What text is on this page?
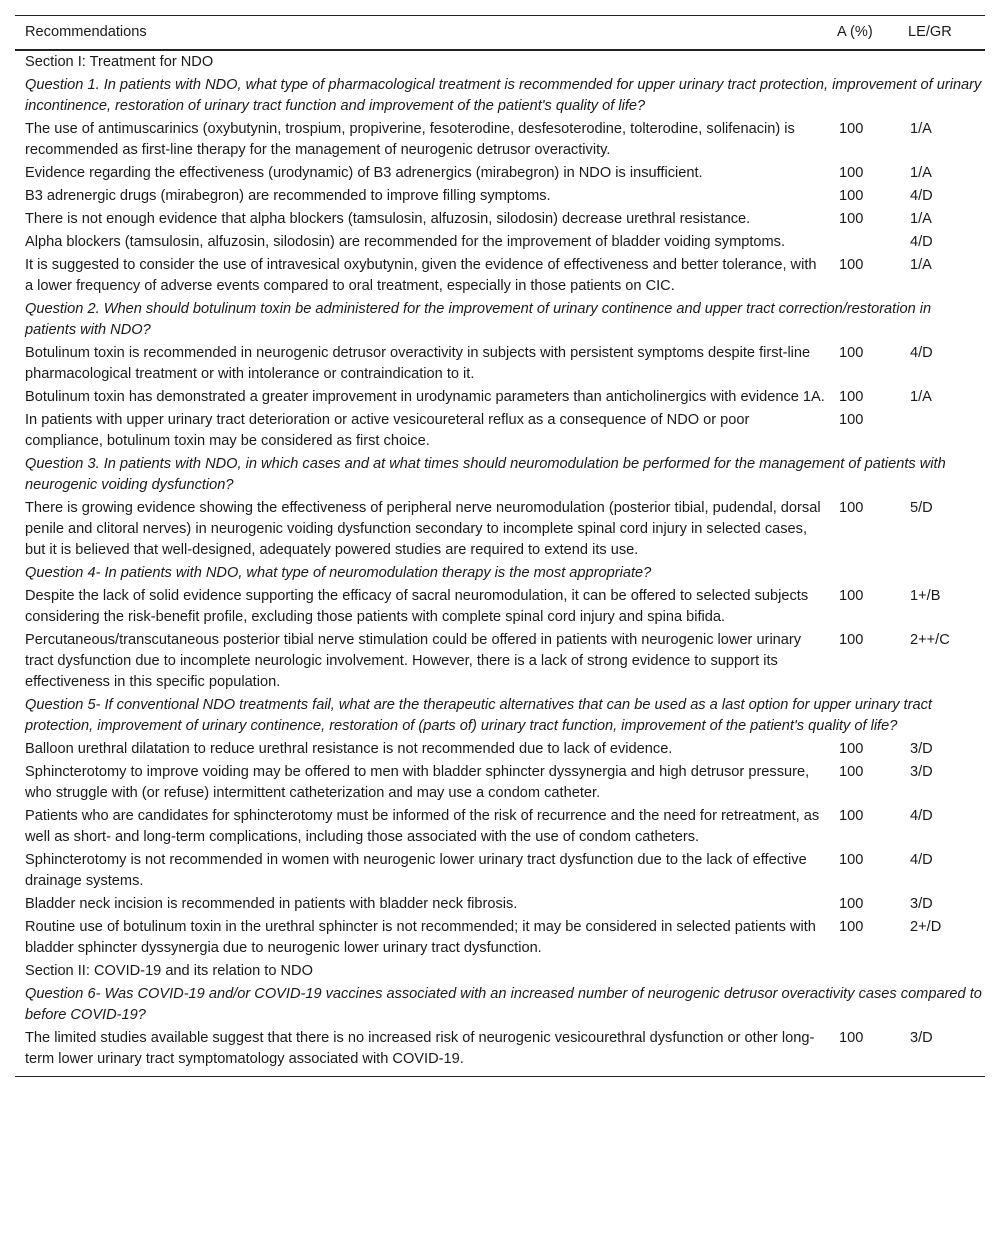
Recommendations	A (%)	LE/GR
Section I: Treatment for NDO		
Question 1. In patients with NDO, what type of pharmacological treatment is recommended for upper urinary tract protection, improvement of urinary incontinence, restoration of urinary tract function and improvement of the patient's quality of life?		
The use of antimuscarinics (oxybutynin, trospium, propiverine, fesoterodine, desfesoterodine, tolterodine, solifenacin) is recommended as first-line therapy for the management of neurogenic detrusor overactivity.	100	1/A
Evidence regarding the effectiveness (urodynamic) of B3 adrenergics (mirabegron) in NDO is insufficient.	100	1/A
B3 adrenergic drugs (mirabegron) are recommended to improve filling symptoms.	100	4/D
There is not enough evidence that alpha blockers (tamsulosin, alfuzosin, silodosin) decrease urethral resistance.	100	1/A
Alpha blockers (tamsulosin, alfuzosin, silodosin) are recommended for the improvement of bladder voiding symptoms.		4/D
It is suggested to consider the use of intravesical oxybutynin, given the evidence of effectiveness and better tolerance, with a lower frequency of adverse events compared to oral treatment, especially in those patients on CIC.	100	1/A
Question 2. When should botulinum toxin be administered for the improvement of urinary continence and upper tract correction/restoration in patients with NDO?		
Botulinum toxin is recommended in neurogenic detrusor overactivity in subjects with persistent symptoms despite first-line pharmacological treatment or with intolerance or contraindication to it.	100	4/D
Botulinum toxin has demonstrated a greater improvement in urodynamic parameters than anticholinergics with evidence 1A.	100	1/A
In patients with upper urinary tract deterioration or active vesicoureteral reflux as a consequence of NDO or poor compliance, botulinum toxin may be considered as first choice.	100	
Question 3. In patients with NDO, in which cases and at what times should neuromodulation be performed for the management of patients with neurogenic voiding dysfunction?		
There is growing evidence showing the effectiveness of peripheral nerve neuromodulation (posterior tibial, pudendal, dorsal penile and clitoral nerves) in neurogenic voiding dysfunction secondary to incomplete spinal cord injury in selected cases, but it is believed that well-designed, adequately powered studies are required to extend its use.	100	5/D
Question 4- In patients with NDO, what type of neuromodulation therapy is the most appropriate?		
Despite the lack of solid evidence supporting the efficacy of sacral neuromodulation, it can be offered to selected subjects considering the risk-benefit profile, excluding those patients with complete spinal cord injury and spina bifida.	100	1+/B
Percutaneous/transcutaneous posterior tibial nerve stimulation could be offered in patients with neurogenic lower urinary tract dysfunction due to incomplete neurologic involvement. However, there is a lack of strong evidence to support its effectiveness in this specific population.	100	2++/C
Question 5- If conventional NDO treatments fail, what are the therapeutic alternatives that can be used as a last option for upper urinary tract protection, improvement of urinary continence, restoration of (parts of) urinary tract function, improvement of the patient's quality of life?		
Balloon urethral dilatation to reduce urethral resistance is not recommended due to lack of evidence.	100	3/D
Sphincterotomy to improve voiding may be offered to men with bladder sphincter dyssynergia and high detrusor pressure, who struggle with (or refuse) intermittent catheterization and may use a condom catheter.	100	3/D
Patients who are candidates for sphincterotomy must be informed of the risk of recurrence and the need for retreatment, as well as short- and long-term complications, including those associated with the use of condom catheters.	100	4/D
Sphincterotomy is not recommended in women with neurogenic lower urinary tract dysfunction due to the lack of effective drainage systems.	100	4/D
Bladder neck incision is recommended in patients with bladder neck fibrosis.	100	3/D
Routine use of botulinum toxin in the urethral sphincter is not recommended; it may be considered in selected patients with bladder sphincter dyssynergia due to neurogenic lower urinary tract dysfunction.	100	2+/D
Section II: COVID-19 and its relation to NDO		
Question 6- Was COVID-19 and/or COVID-19 vaccines associated with an increased number of neurogenic detrusor overactivity cases compared to before COVID-19?		
The limited studies available suggest that there is no increased risk of neurogenic vesicourethral dysfunction or other long-term lower urinary tract symptomatology associated with COVID-19.	100	3/D
